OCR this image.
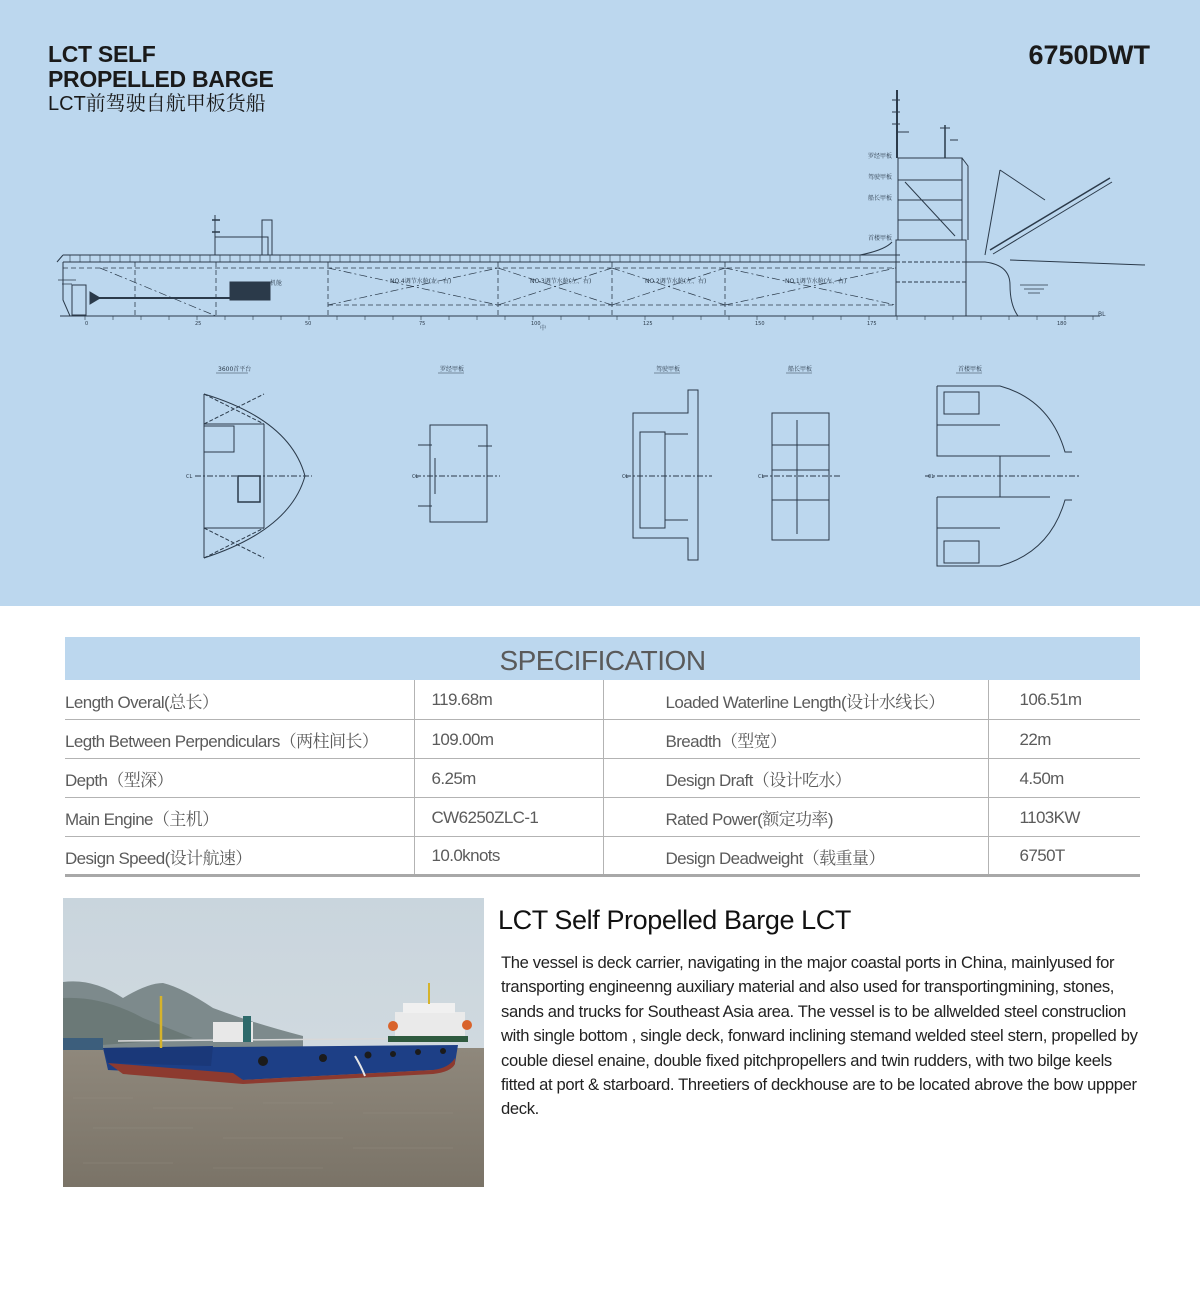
LCT SELF
PROPELLED BARGE
LCT前驾驶自航甲板货船
6750DWT
罗经甲板
驾驶甲板
船长甲板
首楼甲板
机舱	NO.4调节水舱(左、右)	NO.3调节水舱(左、右)	NO.2调节水舱(左、右)	NO.1调节水舱(左、右)
BL
中
0	25	50	75	100	125	150	175	180
3600首平台	罗经甲板	驾驶甲板	船长甲板	首楼甲板
CL	CL	CL	CL	CL
SPECIFICATION
Length Overal(总长）	119.68m	Loaded Waterline Length(设计水线长）	106.51m
Legth Between Perpendiculars（两柱间长）	109.00m	Breadth（型宽）	22m
Depth（型深）	6.25m	Design Draft（设计吃水）	4.50m
Main Engine（主机）	CW6250ZLC-1	Rated Power(额定功率)	1103KW
Design Speed(设计航速）	10.0knots	Design Deadweight（载重量）	6750T
LCT Self Propelled Barge LCT

The vessel is deck carrier, navigating in the major coastal ports in China, mainlyused for transporting engineenng auxiliary material and also used for transportingmining, stones, sands and trucks for Southeast Asia area. The vessel is to be allwelded steel construclion with single bottom , single deck, fonward inclining stemand welded steel stern, propelled by couble diesel enaine, double fixed pitchpropellers and twin rudders, with two bilge keels fitted at port & starboard. Threetiers of deckhouse are to be located abrove the bow uppper deck.
